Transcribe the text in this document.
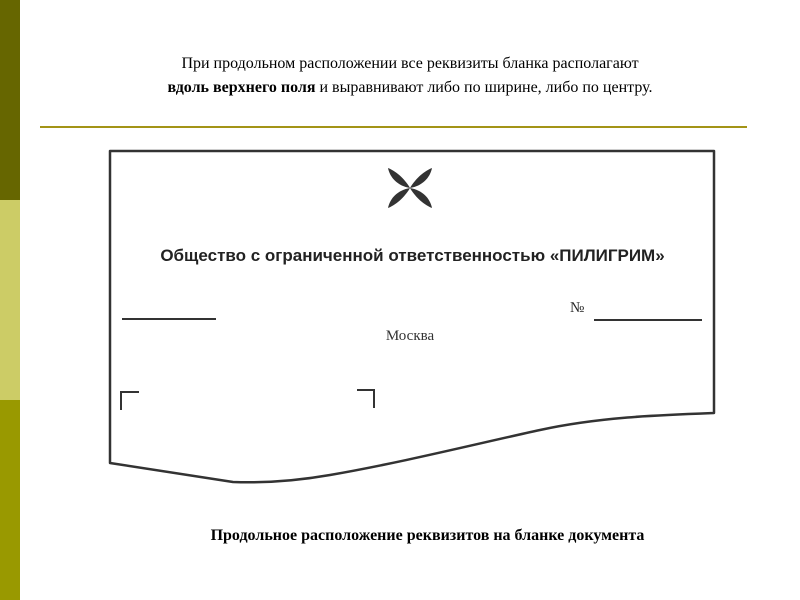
При продольном расположении все реквизиты бланка располагают
вдоль верхнего поля и выравнивают либо по ширине, либо по центру.
Общество с ограниченной ответственностью «ПИЛИГРИМ»
№
Москва
Продольное расположение реквизитов на бланке документа
